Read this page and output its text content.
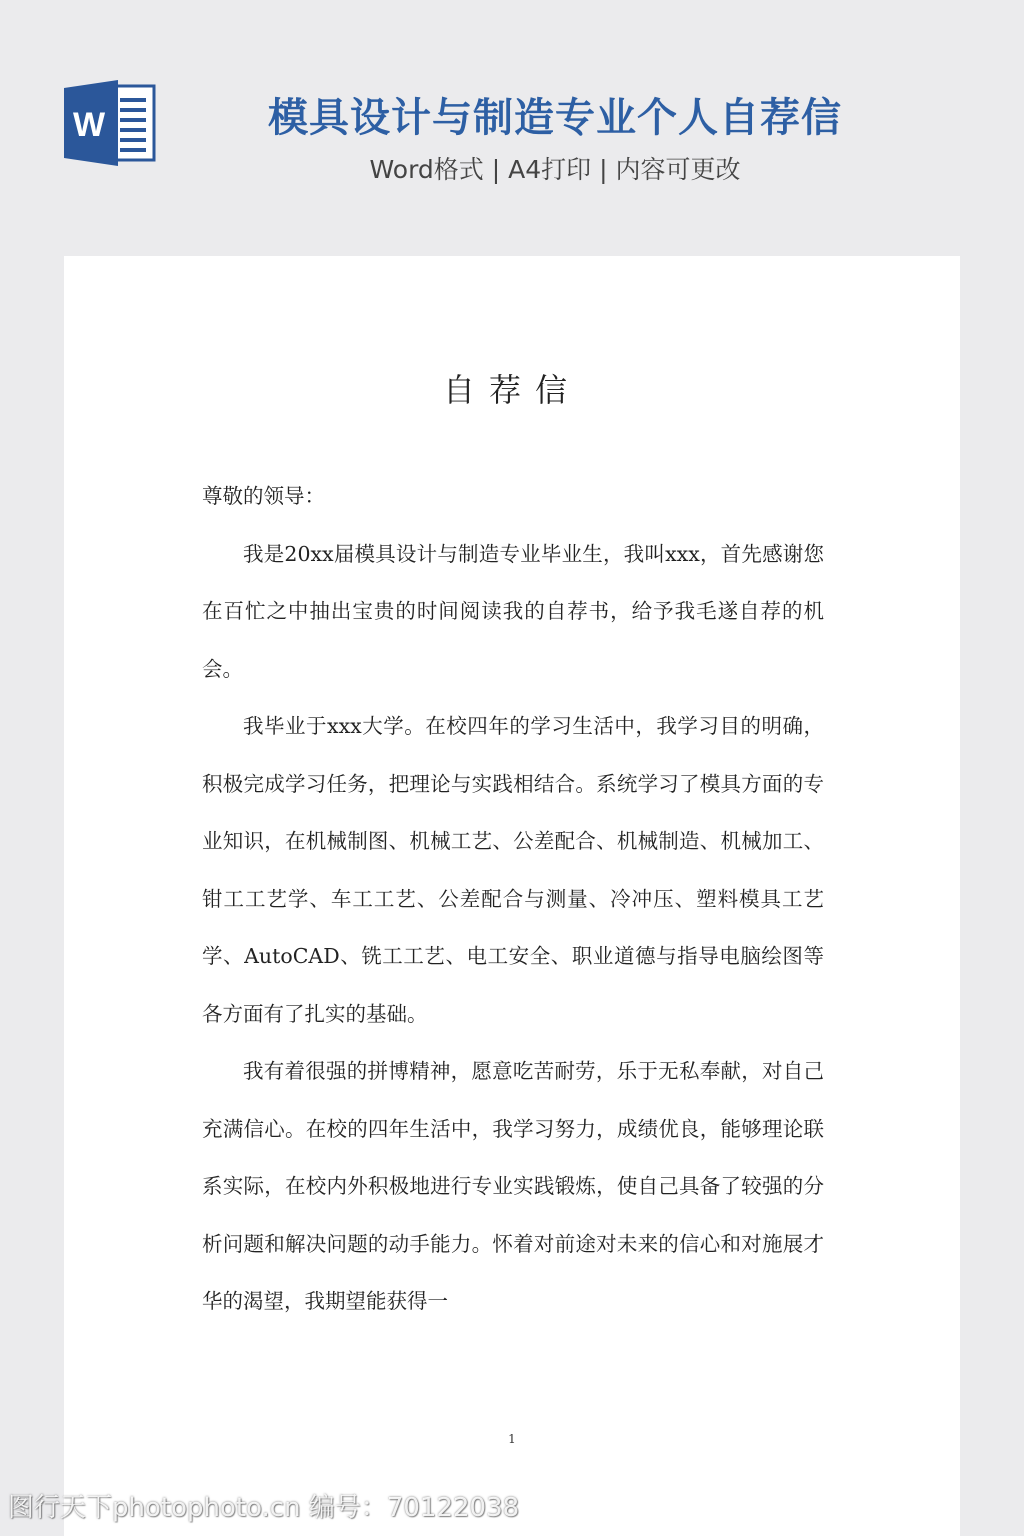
W	模具设计与制造专业个人自荐信
Word格式 | A4打印 | 内容可更改
自荐信

尊敬的领导：

我是20xx届模具设计与制造专业毕业生，我叫xxx，首先感谢您在百忙之中抽出宝贵的时间阅读我的自荐书，给予我毛遂自荐的机会。

我毕业于xxx大学。在校四年的学习生活中，我学习目的明确，积极完成学习任务，把理论与实践相结合。系统学习了模具方面的专业知识，在机械制图、机械工艺、公差配合、机械制造、机械加工、钳工工艺学、车工工艺、公差配合与测量、冷冲压、塑料模具工艺学、AutoCAD、铣工工艺、电工安全、职业道德与指导电脑绘图等各方面有了扎实的基础。

我有着很强的拼博精神，愿意吃苦耐劳，乐于无私奉献，对自己充满信心。在校的四年生活中，我学习努力，成绩优良，能够理论联系实际，在校内外积极地进行专业实践锻炼，使自己具备了较强的分析问题和解决问题的动手能力。怀着对前途对未来的信心和对施展才华的渴望，我期望能获得一

1
图行天下photophoto.cn 编号：70122038
